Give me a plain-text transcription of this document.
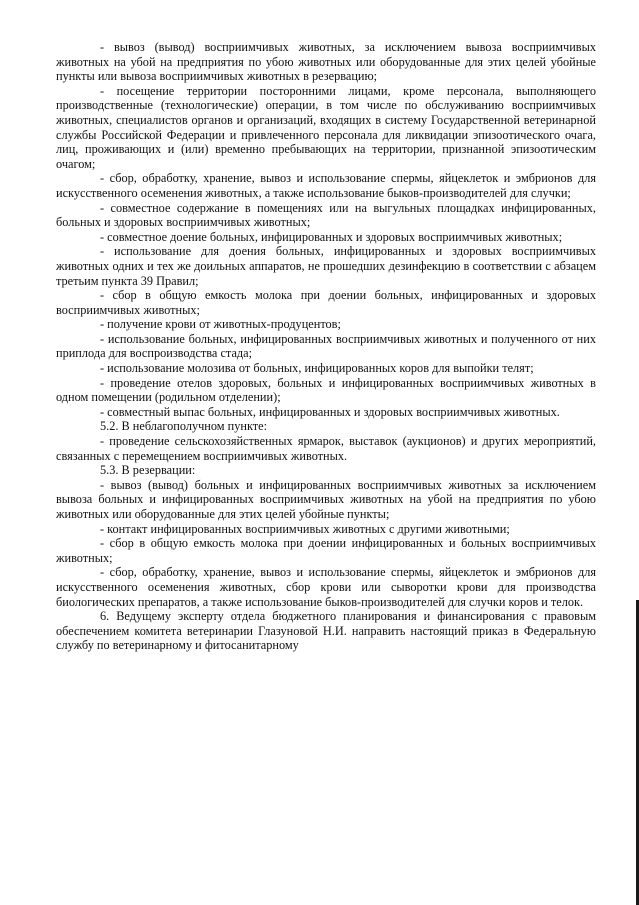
- вывоз (вывод) восприимчивых животных, за исключением вывоза восприимчивых животных на убой на предприятия по убою животных или оборудованные для этих целей убойные пункты или вывоза восприимчивых животных в резервацию;

- посещение территории посторонними лицами, кроме персонала, выполняющего производственные (технологические) операции, в том числе по обслуживанию восприимчивых животных, специалистов органов и организаций, входящих в систему Государственной ветеринарной службы Российской Федерации и привлеченного персонала для ликвидации эпизоотического очага, лиц, проживающих и (или) временно пребывающих на территории, признанной эпизоотическим очагом;

- сбор, обработку, хранение, вывоз и использование спермы, яйцеклеток и эмбрионов для искусственного осеменения животных, а также использование быков-производителей для случки;

- совместное содержание в помещениях или на выгульных площадках инфицированных, больных и здоровых восприимчивых животных;

- совместное доение больных, инфицированных и здоровых восприимчивых животных;

- использование для доения больных, инфицированных и здоровых восприимчивых животных одних и тех же доильных аппаратов, не прошедших дезинфекцию в соответствии с абзацем третьим пункта 39 Правил;

- сбор в общую емкость молока при доении больных, инфицированных и здоровых восприимчивых животных;

- получение крови от животных-продуцентов;

- использование больных, инфицированных восприимчивых животных и полученного от них приплода для воспроизводства стада;

- использование молозива от больных, инфицированных коров для выпойки телят;

- проведение отелов здоровых, больных и инфицированных восприимчивых животных в одном помещении (родильном отделении);

- совместный выпас больных, инфицированных и здоровых восприимчивых животных.

5.2. В неблагополучном пункте:

- проведение сельскохозяйственных ярмарок, выставок (аукционов) и других мероприятий, связанных с перемещением восприимчивых животных.

5.3. В резервации:

- вывоз (вывод) больных и инфицированных восприимчивых животных за исключением вывоза больных и инфицированных восприимчивых животных на убой на предприятия по убою животных или оборудованные для этих целей убойные пункты;

- контакт инфицированных восприимчивых животных с другими животными;

- сбор в общую емкость молока при доении инфицированных и больных восприимчивых животных;

- сбор, обработку, хранение, вывоз и использование спермы, яйцеклеток и эмбрионов для искусственного осеменения животных, сбор крови или сыворотки крови для производства биологических препаратов, а также использование быков-производителей для случки коров и телок.

6. Ведущему эксперту отдела бюджетного планирования и финансирования с правовым обеспечением комитета ветеринарии Глазуновой Н.И. направить настоящий приказ в Федеральную службу по ветеринарному и фитосанитарному
